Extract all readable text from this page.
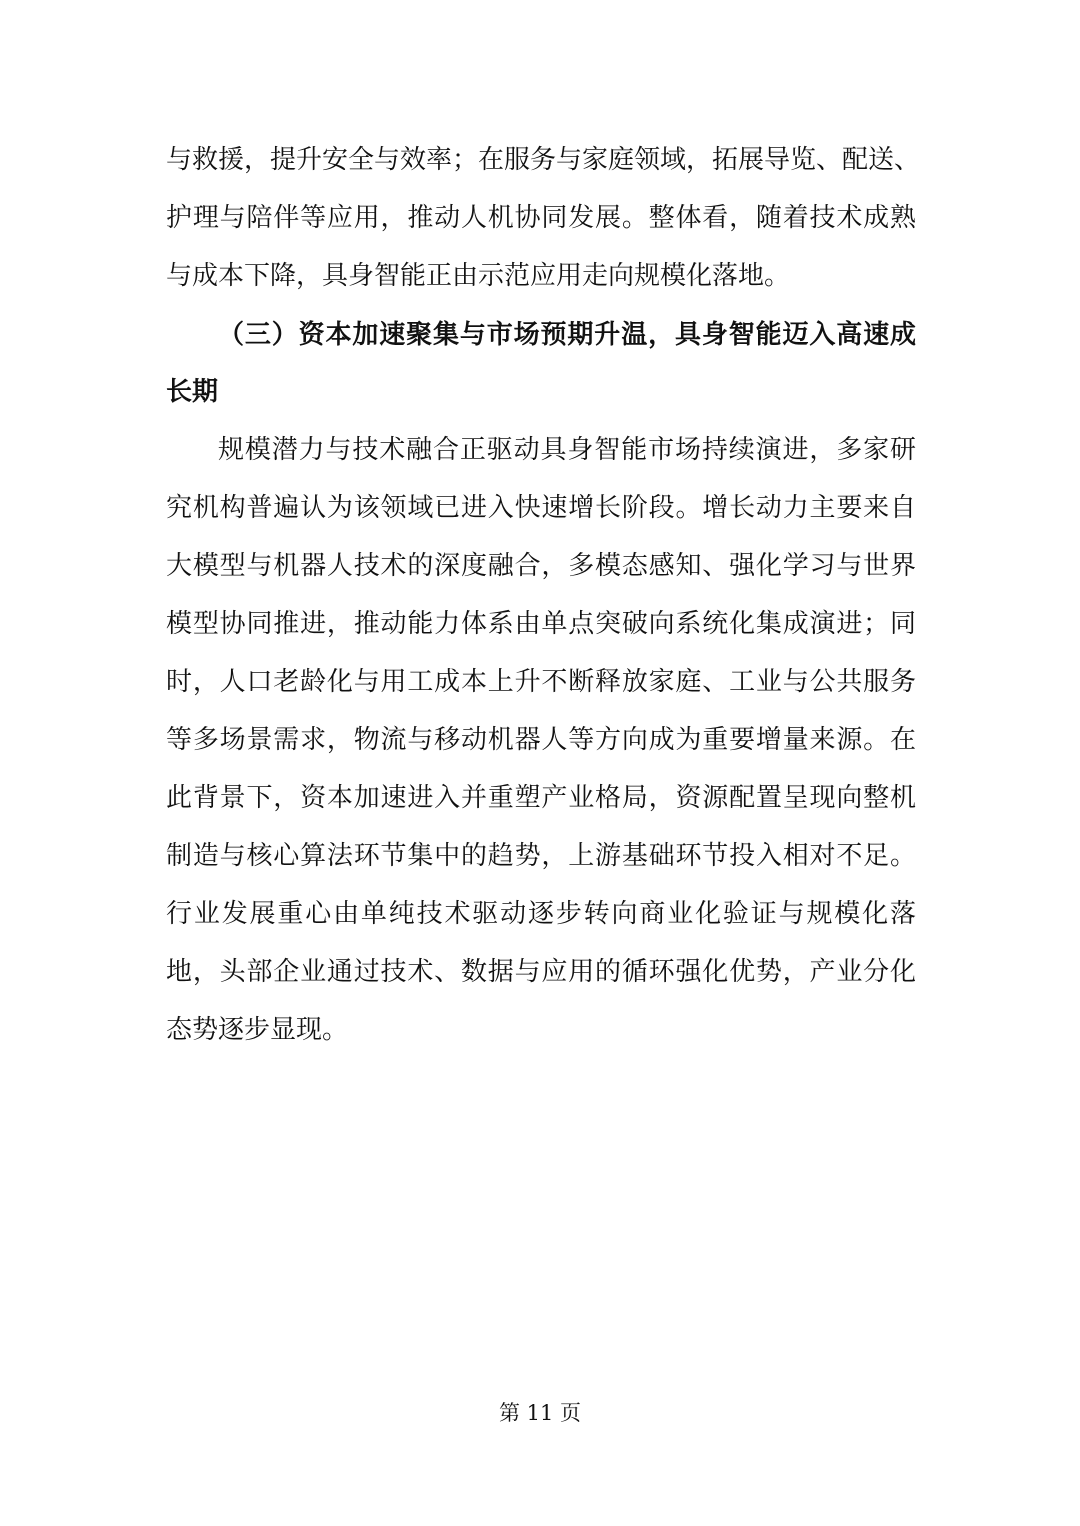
与救援，提升安全与效率；在服务与家庭领域，拓展导览、配送、
护理与陪伴等应用，推动人机协同发展。整体看，随着技术成熟
与成本下降，具身智能正由示范应用走向规模化落地。
（三）资本加速聚集与市场预期升温，具身智能迈入高速成
长期
规模潜力与技术融合正驱动具身智能市场持续演进，多家研
究机构普遍认为该领域已进入快速增长阶段。增长动力主要来自
大模型与机器人技术的深度融合，多模态感知、强化学习与世界
模型协同推进，推动能力体系由单点突破向系统化集成演进；同
时，人口老龄化与用工成本上升不断释放家庭、工业与公共服务
等多场景需求，物流与移动机器人等方向成为重要增量来源。在
此背景下，资本加速进入并重塑产业格局，资源配置呈现向整机
制造与核心算法环节集中的趋势，上游基础环节投入相对不足。
行业发展重心由单纯技术驱动逐步转向商业化验证与规模化落
地，头部企业通过技术、数据与应用的循环强化优势，产业分化
态势逐步显现。
第 11 页
